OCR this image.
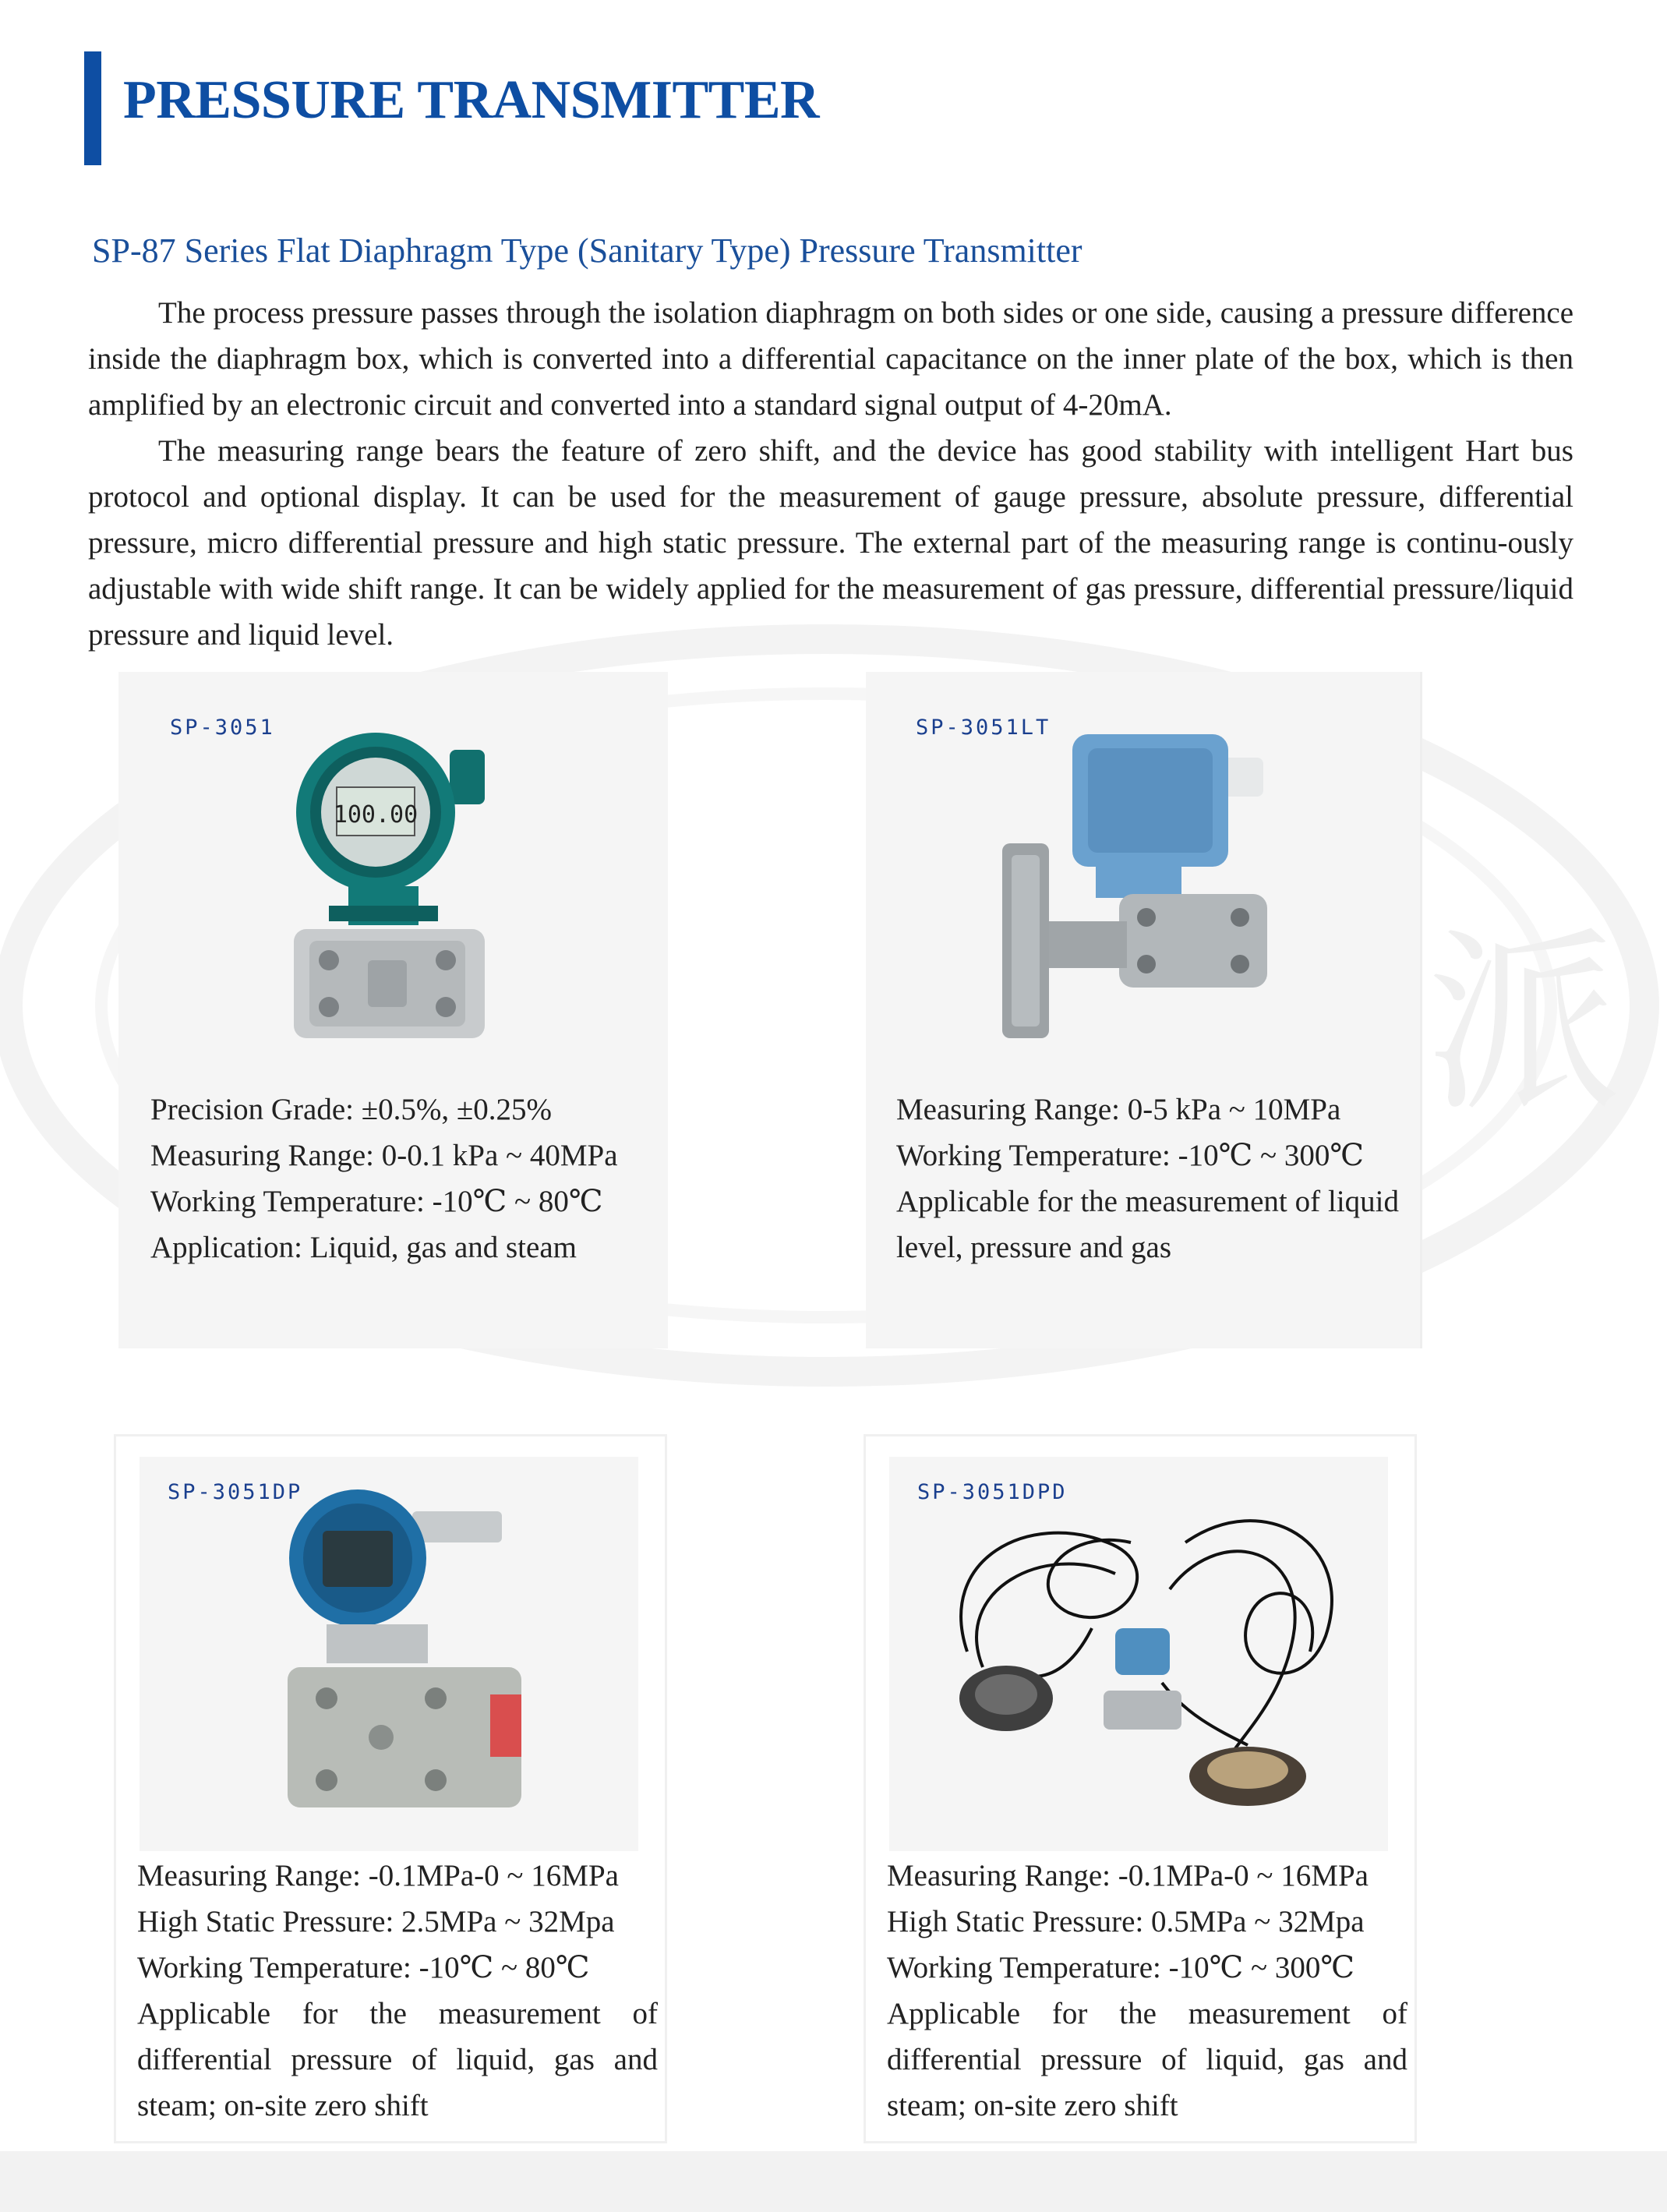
派
PRESSURE TRANSMITTER
SP-87 Series Flat Diaphragm Type (Sanitary Type) Pressure Transmitter

The process pressure passes through the isolation diaphragm on both sides or one side, causing a pressure difference inside the diaphragm box, which is converted into a differential capacitance on the inner plate of the box, which is then amplified by an electronic circuit and converted into a standard signal output of 4-20mA.

The measuring range bears the feature of zero shift, and the device has good stability with intelligent Hart bus protocol and optional display. It can be used for the measurement of gauge pressure, absolute pressure, differential pressure, micro differential pressure and high static pressure. The external part of the measuring range is continu-ously adjustable with wide shift range. It can be widely applied for the measurement of gas pressure, differential pressure/liquid pressure and liquid level.

SP-3051
100.00
Precision Grade: ±0.5%, ±0.25%
Measuring Range: 0-0.1 kPa ~ 40MPa
Working Temperature: -10℃ ~ 80℃
Application: Liquid, gas and steam
SP-3051LT
Measuring Range: 0-5 kPa ~ 10MPa
Working Temperature: -10℃ ~ 300℃
Applicable for the measurement of liquid level, pressure and gas
SP-3051DP
Measuring Range: -0.1MPa-0 ~ 16MPa
High Static Pressure: 2.5MPa ~ 32Mpa
Working Temperature: -10℃ ~ 80℃
Applicable for the measurement of differential pressure of liquid, gas and steam; on-site zero shift
SP-3051DPD
Measuring Range: -0.1MPa-0 ~ 16MPa
High Static Pressure: 0.5MPa ~ 32Mpa
Working Temperature: -10℃ ~ 300℃
Applicable for the measurement of differential pressure of liquid, gas and steam; on-site zero shift
